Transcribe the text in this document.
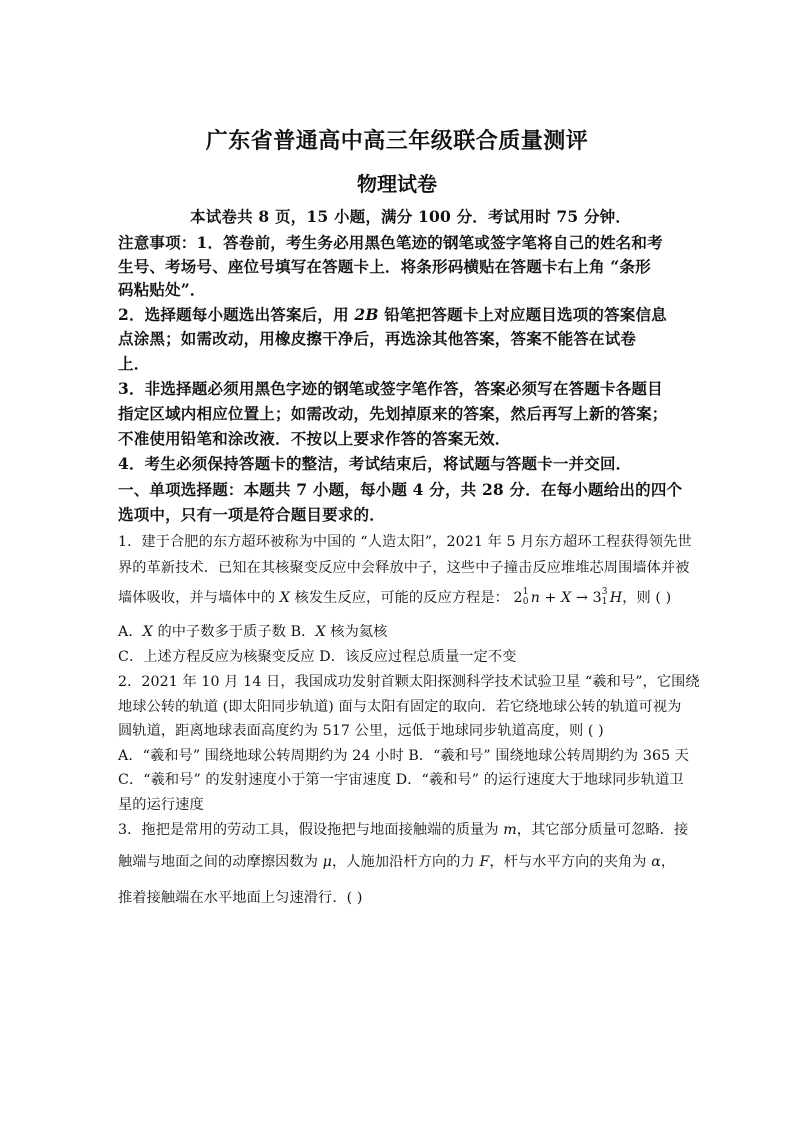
广东省普通高中高三年级联合质量测评
物理试卷
本试卷共 8 页，15 小题，满分 100 分．考试用时 75 分钟．
注意事项：1．答卷前，考生务必用黑色笔迹的钢笔或签字笔将自己的姓名和考
生号、考场号、座位号填写在答题卡上．将条形码横贴在答题卡右上角 “条形
码粘贴处”．
2．选择题每小题选出答案后，用 2B 铅笔把答题卡上对应题目选项的答案信息
点涂黑；如需改动，用橡皮擦干净后，再选涂其他答案，答案不能答在试卷
上．
3．非选择题必须用黑色字迹的钢笔或签字笔作答，答案必须写在答题卡各题目
指定区域内相应位置上；如需改动，先划掉原来的答案，然后再写上新的答案；
不准使用铅笔和涂改液．不按以上要求作答的答案无效．
4．考生必须保持答题卡的整洁，考试结束后，将试题与答题卡一并交回．
一、单项选择题：本题共 7 小题，每小题 4 分，共 28 分．在每小题给出的四个
选项中，只有一项是符合题目要求的．
1．建于合肥的东方超环被称为中国的 “人造太阳”，2021 年 5 月东方超环工程获得领先世
界的革新技术．已知在其核聚变反应中会释放中子，这些中子撞击反应堆堆芯周围墙体并被
墙体吸收，并与墙体中的 X 核发生反应，可能的反应方程是： 2 1
0 n + X → 3 3
1 H，则 ( )
A．X 的中子数多于质子数 B．X 核为氦核
C．上述方程反应为核聚变反应 D．该反应过程总质量一定不变
2．2021 年 10 月 14 日，我国成功发射首颗太阳探测科学技术试验卫星 “羲和号”，它围绕
地球公转的轨道 (即太阳同步轨道) 面与太阳有固定的取向．若它绕地球公转的轨道可视为
圆轨道，距离地球表面高度约为 517 公里，远低于地球同步轨道高度，则 ( )
A．“羲和号” 围绕地球公转周期约为 24 小时 B．“羲和号” 围绕地球公转周期约为 365 天
C．“羲和号” 的发射速度小于第一宇宙速度 D．“羲和号” 的运行速度大于地球同步轨道卫
星的运行速度
3．拖把是常用的劳动工具，假设拖把与地面接触端的质量为 m，其它部分质量可忽略．接
触端与地面之间的动摩擦因数为 μ，人施加沿杆方向的力 F，杆与水平方向的夹角为 α，
推着接触端在水平地面上匀速滑行．( )
